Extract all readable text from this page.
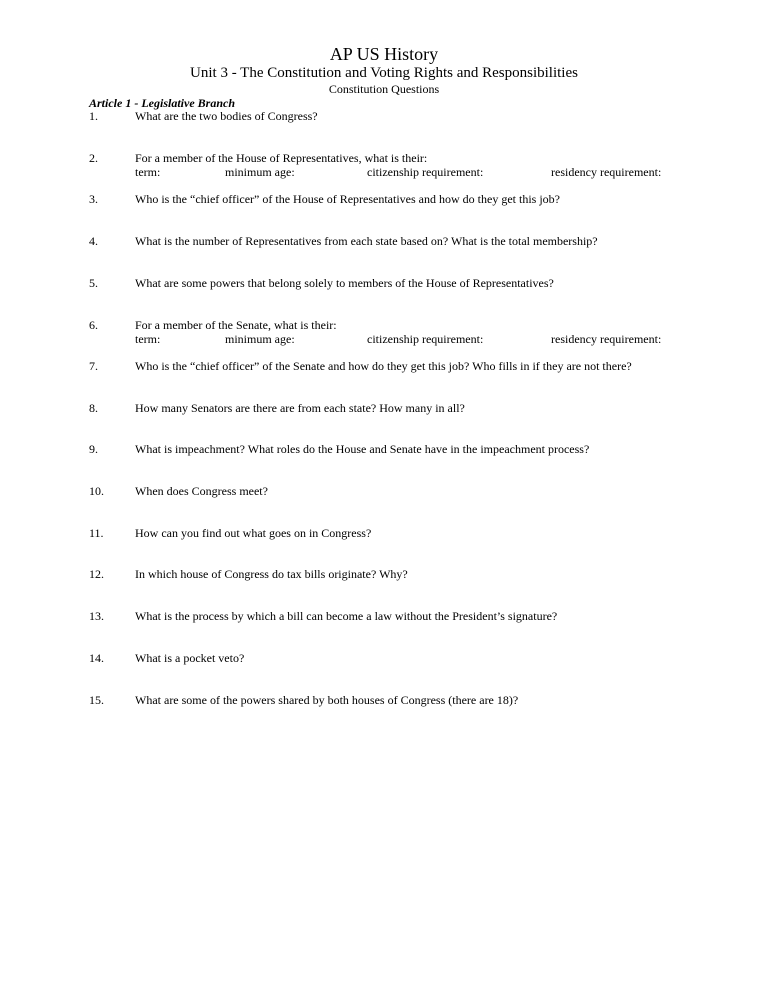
AP US History
Unit 3 - The Constitution and Voting Rights and Responsibilities
Constitution Questions
Article 1 - Legislative Branch
1.	What are the two bodies of Congress?
2.	For a member of the House of Representatives, what is their:
term:	minimum age:	citizenship requirement:	residency requirement:
3.	Who is the “chief officer” of the House of Representatives and how do they get this job?
4.	What is the number of Representatives from each state based on? What is the total membership?
5.	What are some powers that belong solely to members of the House of Representatives?
6.	For a member of the Senate, what is their:
term:	minimum age:	citizenship requirement:	residency requirement:
7.	Who is the “chief officer” of the Senate and how do they get this job? Who fills in if they are not there?
8.	How many Senators are there are from each state? How many in all?
9.	What is impeachment? What roles do the House and Senate have in the impeachment process?
10.	When does Congress meet?
11.	How can you find out what goes on in Congress?
12.	In which house of Congress do tax bills originate? Why?
13.	What is the process by which a bill can become a law without the President’s signature?
14.	What is a pocket veto?
15.	What are some of the powers shared by both houses of Congress (there are 18)?
